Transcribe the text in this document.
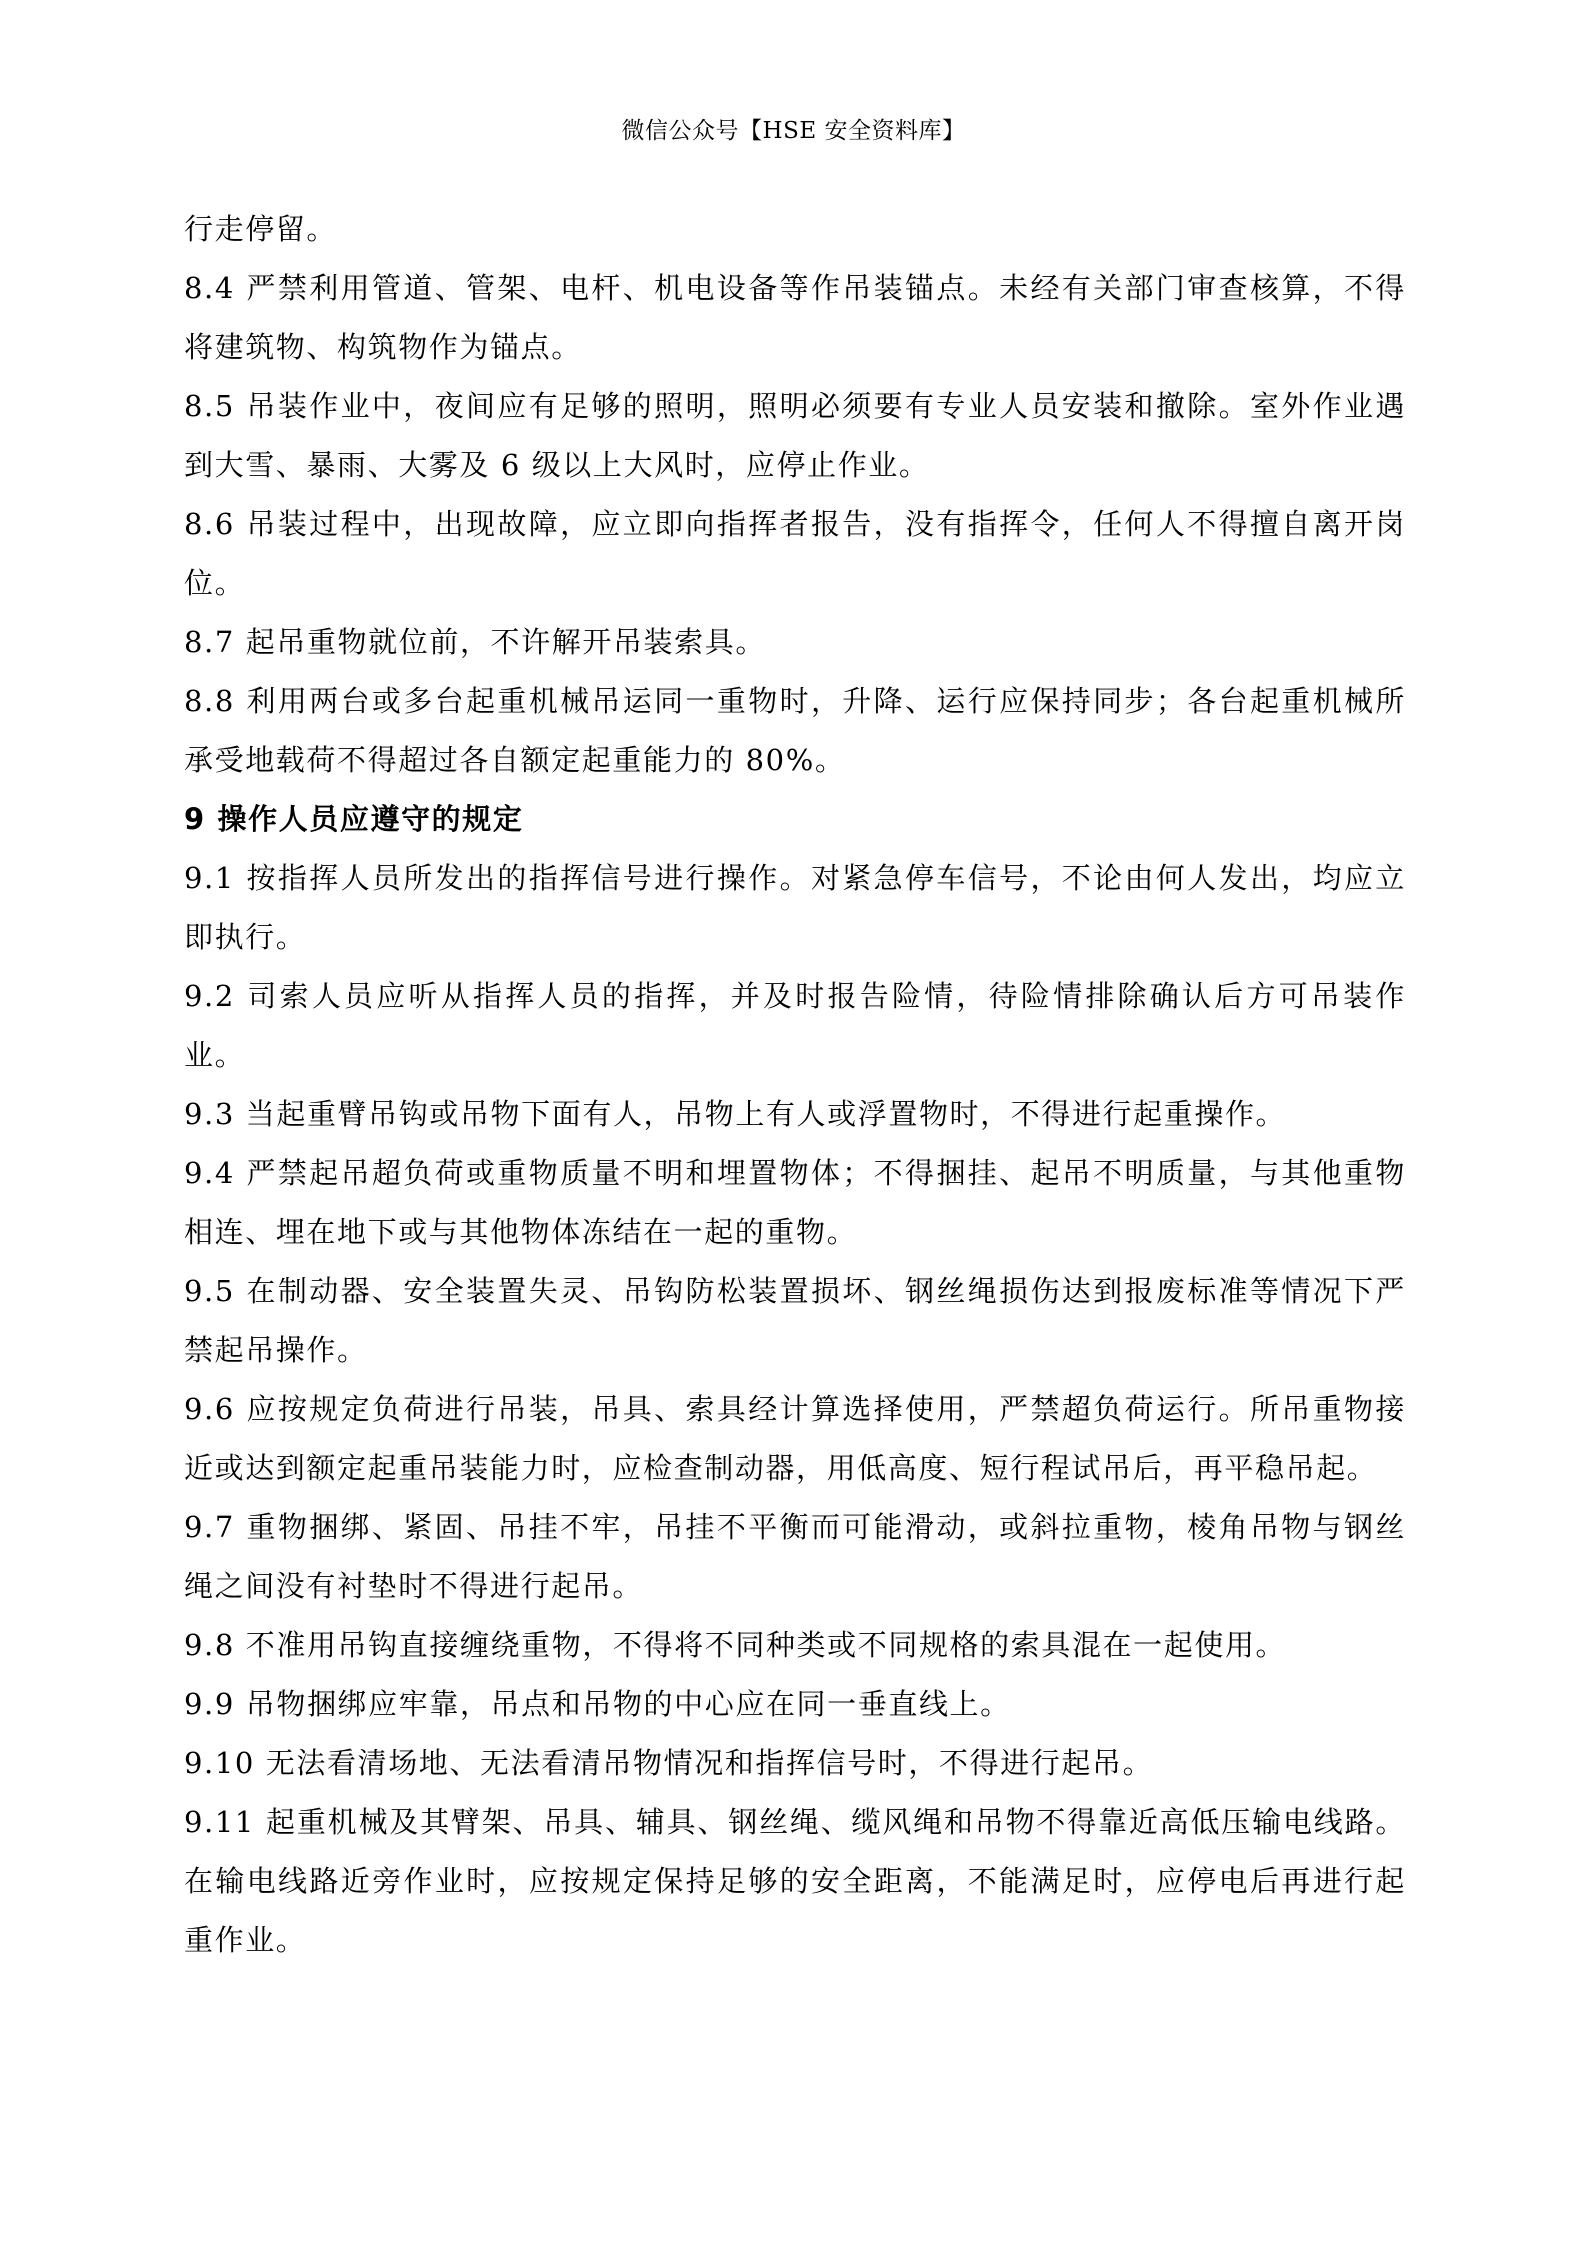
微信公众号【HSE 安全资料库】

行走停留。

8.4 严禁利用管道、管架、电杆、机电设备等作吊装锚点。未经有关部门审查核算，不得将建筑物、构筑物作为锚点。

8.5 吊装作业中，夜间应有足够的照明，照明必须要有专业人员安装和撤除。室外作业遇到大雪、暴雨、大雾及 6 级以上大风时，应停止作业。

8.6 吊装过程中，出现故障，应立即向指挥者报告，没有指挥令，任何人不得擅自离开岗位。

8.7 起吊重物就位前，不许解开吊装索具。

8.8 利用两台或多台起重机械吊运同一重物时，升降、运行应保持同步；各台起重机械所承受地载荷不得超过各自额定起重能力的 80%。

9 操作人员应遵守的规定

9.1 按指挥人员所发出的指挥信号进行操作。对紧急停车信号，不论由何人发出，均应立即执行。

9.2 司索人员应听从指挥人员的指挥，并及时报告险情，待险情排除确认后方可吊装作业。

9.3 当起重臂吊钩或吊物下面有人，吊物上有人或浮置物时，不得进行起重操作。

9.4 严禁起吊超负荷或重物质量不明和埋置物体；不得捆挂、起吊不明质量，与其他重物相连、埋在地下或与其他物体冻结在一起的重物。

9.5 在制动器、安全装置失灵、吊钩防松装置损坏、钢丝绳损伤达到报废标准等情况下严禁起吊操作。

9.6 应按规定负荷进行吊装，吊具、索具经计算选择使用，严禁超负荷运行。所吊重物接近或达到额定起重吊装能力时，应检查制动器，用低高度、短行程试吊后，再平稳吊起。

9.7 重物捆绑、紧固、吊挂不牢，吊挂不平衡而可能滑动，或斜拉重物，棱角吊物与钢丝绳之间没有衬垫时不得进行起吊。

9.8 不准用吊钩直接缠绕重物，不得将不同种类或不同规格的索具混在一起使用。

9.9 吊物捆绑应牢靠，吊点和吊物的中心应在同一垂直线上。

9.10 无法看清场地、无法看清吊物情况和指挥信号时，不得进行起吊。

9.11 起重机械及其臂架、吊具、辅具、钢丝绳、缆风绳和吊物不得靠近高低压输电线路。在输电线路近旁作业时，应按规定保持足够的安全距离，不能满足时，应停电后再进行起重作业。
